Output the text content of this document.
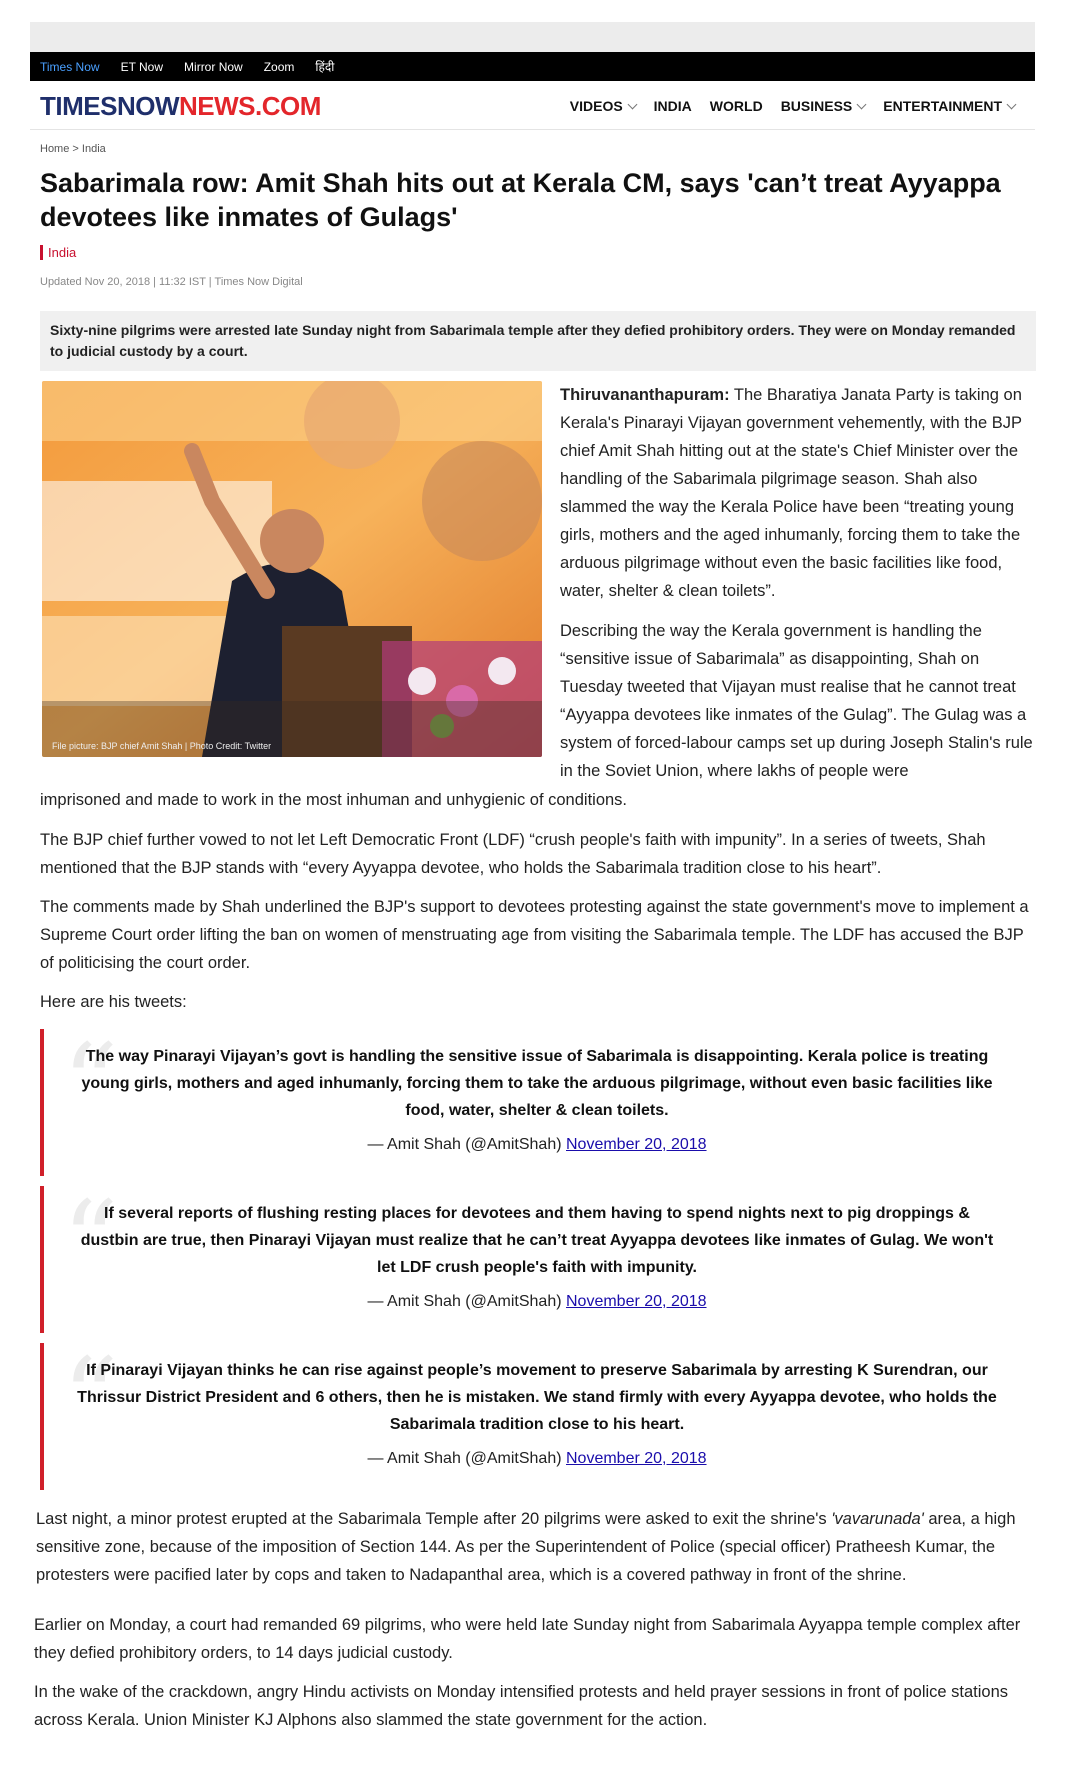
Times Now ET Now Mirror Now Zoom हिंदी
TIMESNOWNEWS.COM	VIDEOS INDIA WORLD BUSINESS ENTERTAINMENT
Home > India
Sabarimala row: Amit Shah hits out at Kerala CM, says 'can’t treat Ayyappa devotees like inmates of Gulags'
India
Updated Nov 20, 2018 | 11:32 IST | Times Now Digital
Sixty-nine pilgrims were arrested late Sunday night from Sabarimala temple after they defied prohibitory orders. They were on Monday remanded to judicial custody by a court.
File picture: BJP chief Amit Shah | Photo Credit: Twitter

Thiruvananthapuram: The Bharatiya Janata Party is taking on Kerala's Pinarayi Vijayan government vehemently, with the BJP chief Amit Shah hitting out at the state's Chief Minister over the handling of the Sabarimala pilgrimage season. Shah also slammed the way the Kerala Police have been “treating young girls, mothers and the aged inhumanly, forcing them to take the arduous pilgrimage without even the basic facilities like food, water, shelter & clean toilets”.

Describing the way the Kerala government is handling the “sensitive issue of Sabarimala” as disappointing, Shah on Tuesday tweeted that Vijayan must realise that he cannot treat “Ayyappa devotees like inmates of the Gulag”. The Gulag was a system of forced-labour camps set up during Joseph Stalin's rule in the Soviet Union, where lakhs of people were

imprisoned and made to work in the most inhuman and unhygienic of conditions.

The BJP chief further vowed to not let Left Democratic Front (LDF) “crush people's faith with impunity”. In a series of tweets, Shah mentioned that the BJP stands with “every Ayyappa devotee, who holds the Sabarimala tradition close to his heart”.

The comments made by Shah underlined the BJP's support to devotees protesting against the state government's move to implement a Supreme Court order lifting the ban on women of menstruating age from visiting the Sabarimala temple. The LDF has accused the BJP of politicising the court order.

Here are his tweets:

“
The way Pinarayi Vijayan’s govt is handling the sensitive issue of Sabarimala is disappointing. Kerala police is treating young girls, mothers and aged inhumanly, forcing them to take the arduous pilgrimage, without even basic facilities like food, water, shelter & clean toilets.
— Amit Shah (@AmitShah) November 20, 2018
“
If several reports of flushing resting places for devotees and them having to spend nights next to pig droppings & dustbin are true, then Pinarayi Vijayan must realize that he can’t treat Ayyappa devotees like inmates of Gulag. We won't let LDF crush people's faith with impunity.
— Amit Shah (@AmitShah) November 20, 2018
“
If Pinarayi Vijayan thinks he can rise against people’s movement to preserve Sabarimala by arresting K Surendran, our Thrissur District President and 6 others, then he is mistaken. We stand firmly with every Ayyappa devotee, who holds the Sabarimala tradition close to his heart.
— Amit Shah (@AmitShah) November 20, 2018

Last night, a minor protest erupted at the Sabarimala Temple after 20 pilgrims were asked to exit the shrine's 'vavarunada' area, a high sensitive zone, because of the imposition of Section 144. As per the Superintendent of Police (special officer) Pratheesh Kumar, the protesters were pacified later by cops and taken to Nadapanthal area, which is a covered pathway in front of the shrine.

Earlier on Monday, a court had remanded 69 pilgrims, who were held late Sunday night from Sabarimala Ayyappa temple complex after they defied prohibitory orders, to 14 days judicial custody.

In the wake of the crackdown, angry Hindu activists on Monday intensified protests and held prayer sessions in front of police stations across Kerala. Union Minister KJ Alphons also slammed the state government for the action.
